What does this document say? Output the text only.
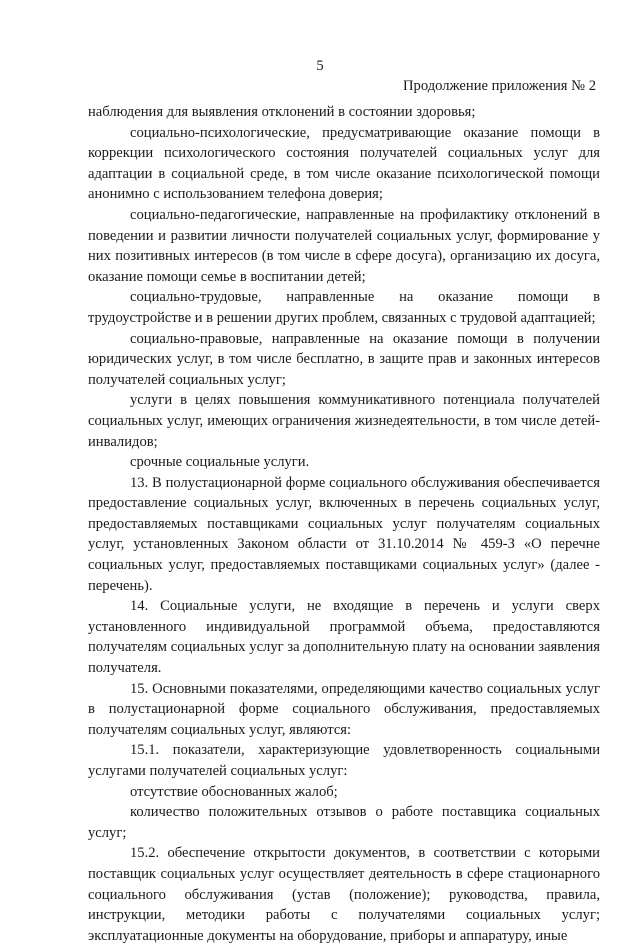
5
Продолжение приложения № 2

наблюдения для выявления отклонений в состоянии здоровья;

социально-психологические, предусматривающие оказание помощи в коррекции психологического состояния получателей социальных услуг для адаптации в социальной среде, в том числе оказание психологической помощи анонимно с использованием телефона доверия;

социально-педагогические, направленные на профилактику отклонений в поведении и развитии личности получателей социальных услуг, формирование у них позитивных интересов (в том числе в сфере досуга), организацию их досуга, оказание помощи семье в воспитании детей;

социально-трудовые, направленные на оказание помощи в трудоустройстве и в решении других проблем, связанных с трудовой адаптацией;

социально-правовые, направленные на оказание помощи в получении юридических услуг, в том числе бесплатно, в защите прав и законных интересов получателей социальных услуг;

услуги в целях повышения коммуникативного потенциала получателей социальных услуг, имеющих ограничения жизнедеятельности, в том числе детей-инвалидов;

срочные социальные услуги.

13. В полустационарной форме социального обслуживания обеспечивается предоставление социальных услуг, включенных в перечень социальных услуг, предоставляемых поставщиками социальных услуг получателям социальных услуг, установленных Законом области от 31.10.2014 № 459-З «О перечне социальных услуг, предоставляемых поставщиками социальных услуг» (далее - перечень).

14. Социальные услуги, не входящие в перечень и услуги сверх установленного индивидуальной программой объема, предоставляются получателям социальных услуг за дополнительную плату на основании заявления получателя.

15. Основными показателями, определяющими качество социальных услуг в полустационарной форме социального обслуживания, предоставляемых получателям социальных услуг, являются:

15.1. показатели, характеризующие удовлетворенность социальными услугами получателей социальных услуг:

отсутствие обоснованных жалоб;

количество положительных отзывов о работе поставщика социальных услуг;

15.2. обеспечение открытости документов, в соответствии с которыми поставщик социальных услуг осуществляет деятельность в сфере стационарного социального обслуживания (устав (положение); руководства, правила, инструкции, методики работы с получателями социальных услуг; эксплуатационные документы на оборудование, приборы и аппаратуру, иные
